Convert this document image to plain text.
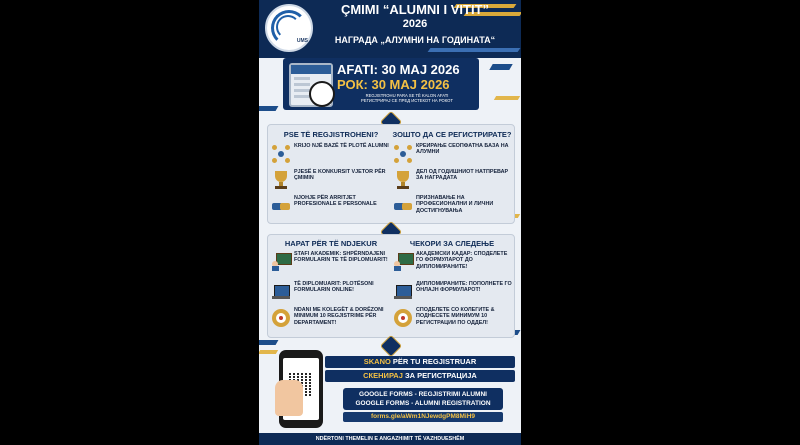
UMS
ÇMIMI “ALUMNI I VITIT”
2026
НАГРАДА „АЛУМНИ НА ГОДИНАТА“
AFATI: 30 MAJ 2026
РОК: 30 МАЈ 2026
REGJISTROHU PARA SE TË KALON AFATI
РЕГИСТРИРАЈ СЕ ПРЕД ИСТЕКОТ НА РОКОТ
PSE TË REGJISTROHENI?	ЗОШТО ДА СЕ РЕГИСТРИРАТЕ?
KRIJO NJË BAZË TË PLOTË ALUMNI
PJESË E KONKURSIT VJETOR PËR ÇMIMIN
NJOHJE PËR ARRITJET PROFESIONALE E PERSONALE
КРЕИРАЊЕ СЕОПФАТНА БАЗА НА АЛУМНИ
ДЕЛ ОД ГОДИШНИОТ НАТПРЕВАР ЗА НАГРАДАТА
ПРИЗНАВАЊЕ НА ПРОФЕСИОНАЛНИ И ЛИЧНИ ДОСТИГНУВАЊА
HAPAT PËR TË NDJEKUR	ЧЕКОРИ ЗА СЛЕДЕЊЕ
STAFI AKADEMIK: SHPËRNDAJENI FORMULARIN TE TË DIPLOMUARIT!
TË DIPLOMUARIT: PLOTËSONI FORMULARIN ONLINE!
NDANI ME KOLEGËT & DORËZONI MINIMUM 10 REGJISTRIME PËR DEPARTAMENT!
АКАДЕМСКИ КАДАР: СПОДЕЛЕТЕ ГО ФОРМУЛАРОТ ДО ДИПЛОМИРАНИТЕ!
ДИПЛОМИРАНИТЕ: ПОПОЛНЕТЕ ГО ОНЛАЈН ФОРМУЛАРОТ!
СПОДЕЛЕТЕ СО КОЛЕГИТЕ & ПОДНЕСЕТЕ МИНИМУМ 10 РЕГИСТРАЦИИ ПО ОДДЕЛ!
SKANO PËR TU REGJISTRUAR
СКЕНИРАЈ ЗА РЕГИСТРАЦИЈА
GOOGLE FORMS - REGJISTRIMI ALUMNI
GOOGLE FORMS - ALUMNI REGISTRATION
forms.gle/aWm1NJewdgPM8MiH9
NDËRTONI THEMELIN E ANGAZHIMIT TË VAZHDUESHËM
